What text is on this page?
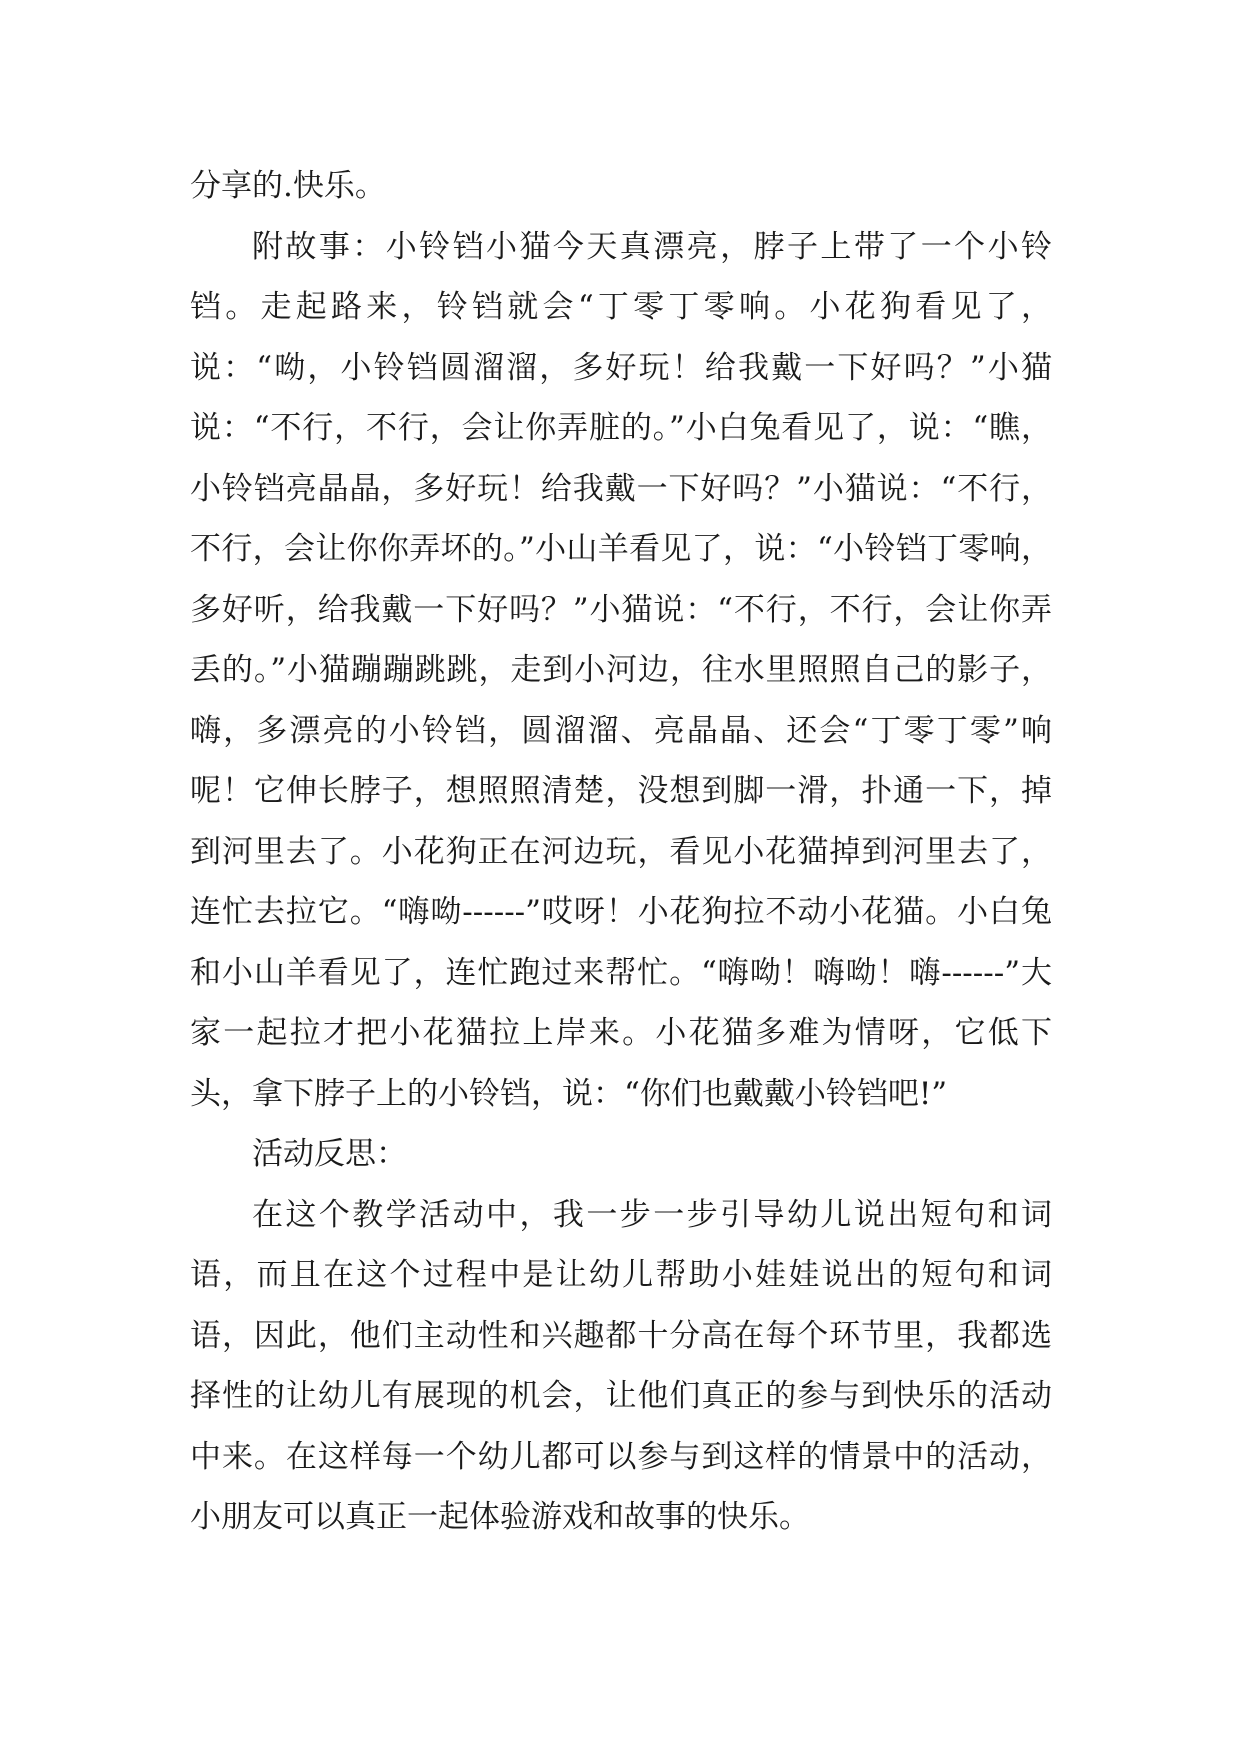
分享的.快乐。

附故事：小铃铛小猫今天真漂亮，脖子上带了一个小铃铛。走起路来，铃铛就会“丁零丁零响。小花狗看见了，说：“呦，小铃铛圆溜溜，多好玩！给我戴一下好吗？”小猫说：“不行，不行，会让你弄脏的。”小白兔看见了，说：“瞧，小铃铛亮晶晶，多好玩！给我戴一下好吗？”小猫说：“不行，不行，会让你你弄坏的。”小山羊看见了，说：“小铃铛丁零响，多好听，给我戴一下好吗？”小猫说：“不行，不行，会让你弄丢的。”小猫蹦蹦跳跳，走到小河边，往水里照照自己的影子，嗨，多漂亮的小铃铛，圆溜溜、亮晶晶、还会“丁零丁零”响呢！它伸长脖子，想照照清楚，没想到脚一滑，扑通一下，掉到河里去了。小花狗正在河边玩，看见小花猫掉到河里去了，连忙去拉它。“嗨呦------”哎呀！小花狗拉不动小花猫。小白兔和小山羊看见了，连忙跑过来帮忙。“嗨呦！嗨呦！嗨------”大家一起拉才把小花猫拉上岸来。小花猫多难为情呀，它低下头，拿下脖子上的小铃铛，说：“你们也戴戴小铃铛吧!”

活动反思：

在这个教学活动中，我一步一步引导幼儿说出短句和词语，而且在这个过程中是让幼儿帮助小娃娃说出的短句和词语，因此，他们主动性和兴趣都十分高在每个环节里，我都选择性的让幼儿有展现的机会，让他们真正的参与到快乐的活动中来。在这样每一个幼儿都可以参与到这样的情景中的活动，小朋友可以真正一起体验游戏和故事的快乐。
